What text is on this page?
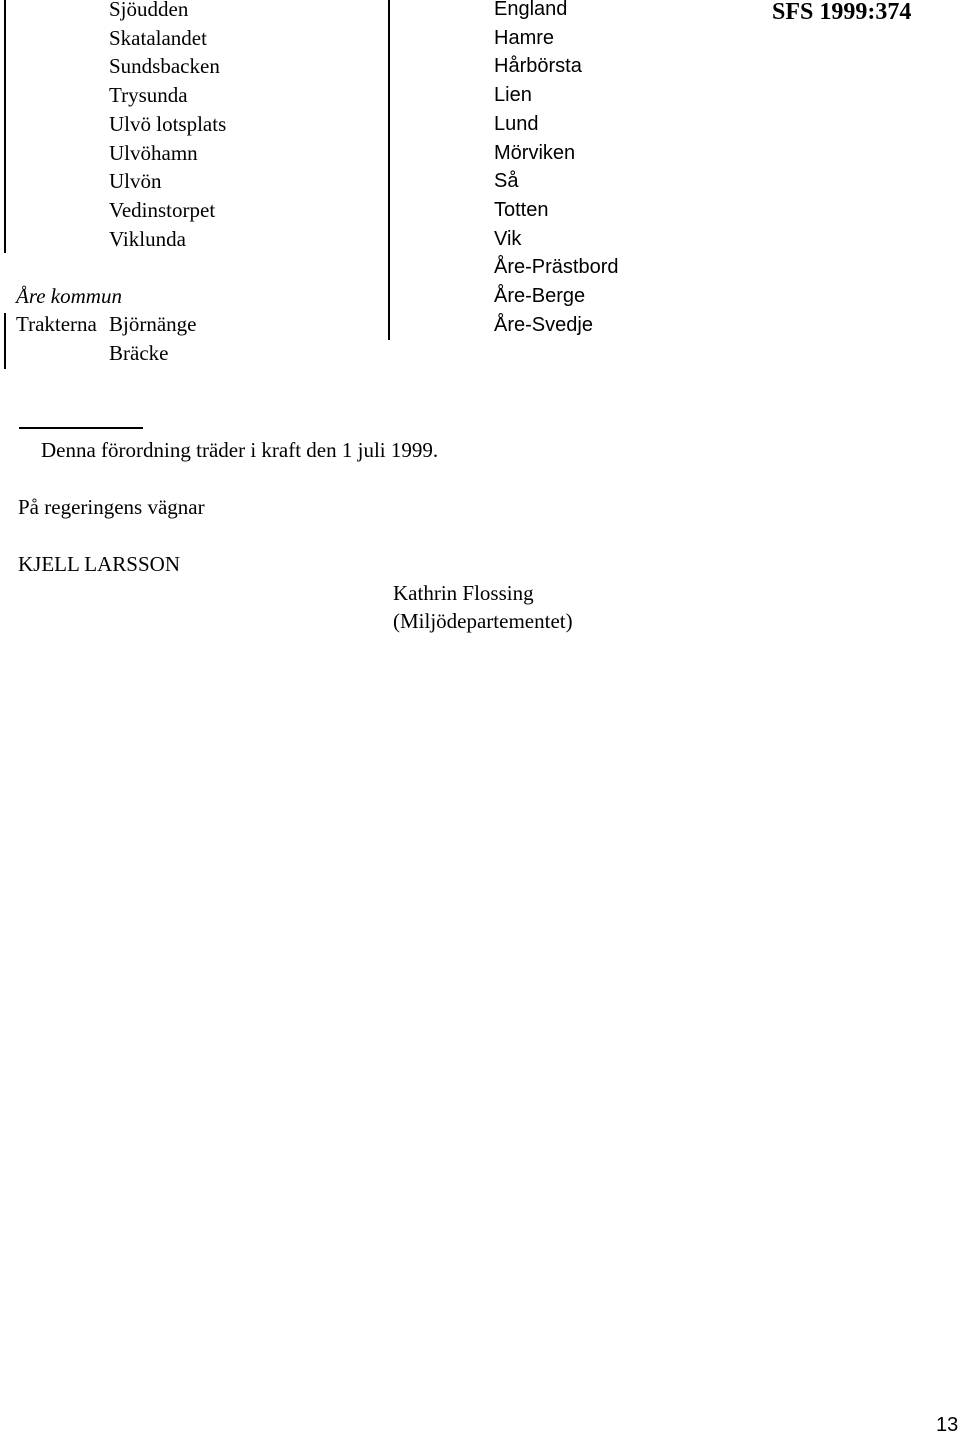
Sjöudden
Skatalandet
Sundsbacken
Trysunda
Ulvö lotsplats
Ulvöhamn
Ulvön
Vedinstorpet
Viklunda
Åre kommun
Trakterna Björnänge
Bräcke
England
Hamre
Hårbörsta
Lien
Lund
Mörviken
Så
Totten
Vik
Åre-Prästbord
Åre-Berge
Åre-Svedje
SFS 1999:374
Denna förordning träder i kraft den 1 juli 1999.
På regeringens vägnar
KJELL LARSSON
Kathrin Flossing
(Miljödepartementet)
13
